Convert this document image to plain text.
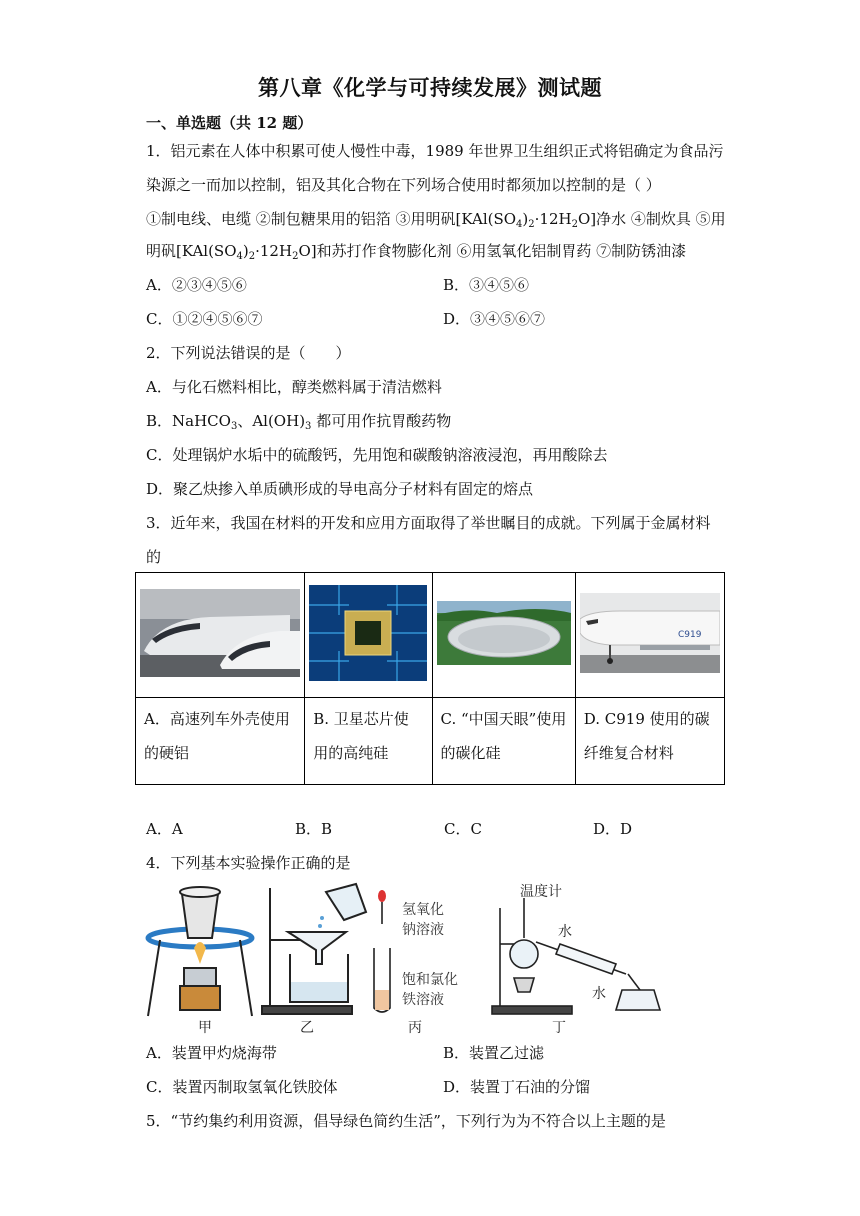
第八章《化学与可持续发展》测试题
一、单选题（共 12 题）
1．铝元素在人体中积累可使人慢性中毒，1989 年世界卫生组织正式将铝确定为食品污
染源之一而加以控制，铝及其化合物在下列场合使用时都须加以控制的是（ ）
①制电线、电缆 ②制包糖果用的铝箔 ③用明矾$[KAl(SO_4)_2\cdot 12H_2O]$净水 ④制炊具 ⑤用
明矾$[KAl(SO_4)_2\cdot 12H_2O]$和苏打作食物膨化剂 ⑥用氢氧化铝制胃药 ⑦制防锈油漆
A．②③④⑤⑥	B．③④⑤⑥
C．①②④⑤⑥⑦	D．③④⑤⑥⑦
2．下列说法错误的是（　　）
A．与化石燃料相比，醇类燃料属于清洁燃料
B．NaHCO$_3$、$Al(OH)_3$ 都可用作抗胃酸药物
C．处理锅炉水垢中的硫酸钙，先用饱和碳酸钠溶液浸泡，再用酸除去
D．聚乙炔掺入单质碘形成的导电高分子材料有固定的熔点
3．近年来，我国在材料的开发和应用方面取得了举世瞩目的成就。下列属于金属材料
的

C919

A．高速列车外壳使用的硬铝	B. 卫星芯片使用的高纯硅	C. “中国天眼”使用的碳化硅	D. C919 使用的碳纤维复合材料
A．A	B．B	C．C	D．D
4．下列基本实验操作正确的是
甲	乙
氢氧化
钠溶液
饱和氯化
铁溶液
丙
温度计
水
水
丁
A．装置甲灼烧海带	B．装置乙过滤
C．装置丙制取氢氧化铁胶体	D．装置丁石油的分馏
5．“节约集约利用资源，倡导绿色简约生活”，下列行为为不符合以上主题的是
